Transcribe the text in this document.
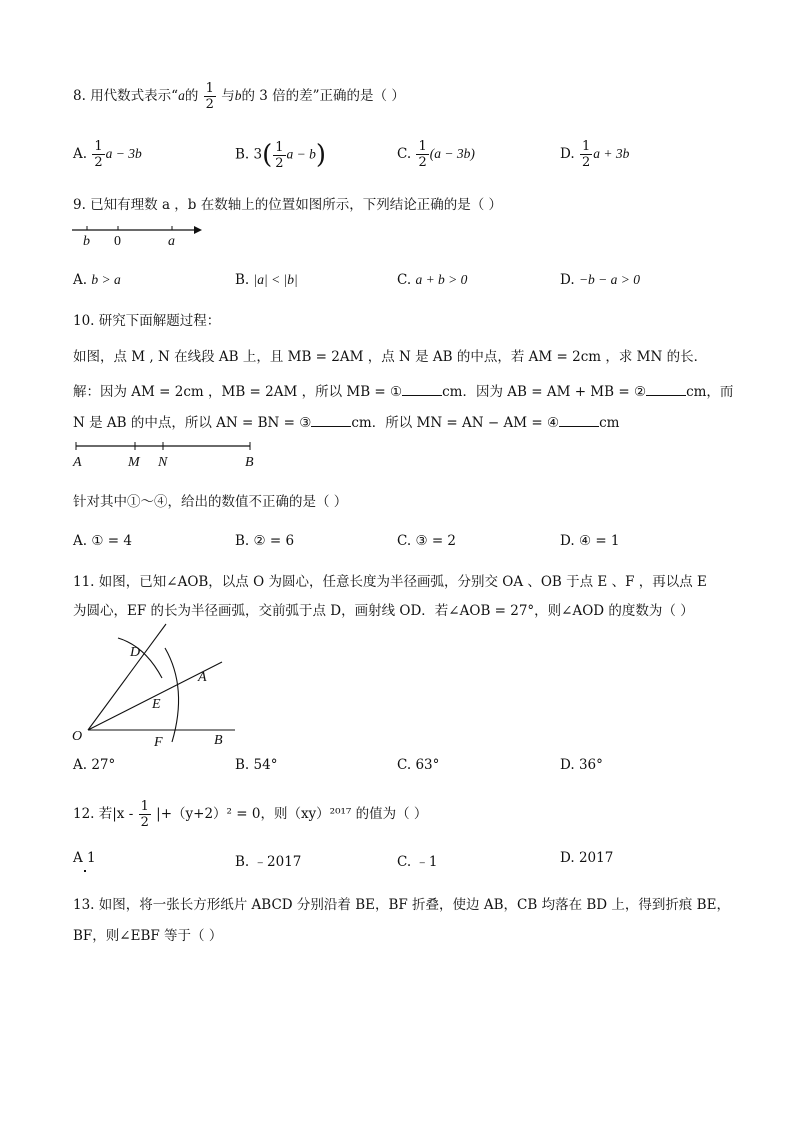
8. 用代数式表示“a的 $\frac{1}{2}$ 与b的 3 倍的差”正确的是（ ）
A. $\frac{1}{2}$ a − 3b	B. $3( \frac{1}{2}$ a − b)	C. $\frac{1}{2} (a - 3b)$	D. $\frac{1}{2}$ a + 3b
9. 已知有理数 a ，b 在数轴上的位置如图所示，下列结论正确的是（ ）
b 0	a
A. b > a	B. |a| < |b|	C. a + b > 0	D. −b − a > 0
10. 研究下面解题过程：
如图，点 M , N 在线段 AB 上，且 MB = 2AM ，点 N 是 AB 的中点，若 AM = 2cm ，求 MN 的长．
解：因为 AM = 2cm ，MB = 2AM ，所以 MB = ①	cm．因为 AB = AM + MB = ②	cm，而
N 是 AB 的中点，所以 AN = BN = ③	cm．所以 MN = AN − AM = ④	cm
A	M N	B
针对其中①～④，给出的数值不正确的是（ ）
A. ① = 4	B. ② = 6	C. ③ = 2	D. ④ = 1
11. 如图，已知∠AOB，以点 O 为圆心，任意长度为半径画弧，分别交 OA 、OB 于点 E 、F ，再以点 E
为圆心，EF 的长为半径画弧，交前弧于点 D，画射线 OD．若∠AOB = 27°，则∠AOD 的度数为（ ）
D
A
E
O	F	B
A. 27°	B. 54°	C. 63°	D. 36°
12. 若$|x - \frac{1}{2} |+(y+2)^2 = 0$，则（xy）²⁰¹⁷ 的值为（ ）
A 1	B. ﹣2017	C. ﹣1	D. 2017
13. 如图，将一张长方形纸片 ABCD 分别沿着 BE，BF 折叠，使边 AB，CB 均落在 BD 上，得到折痕 BE，
BF，则∠EBF 等于（ ）
